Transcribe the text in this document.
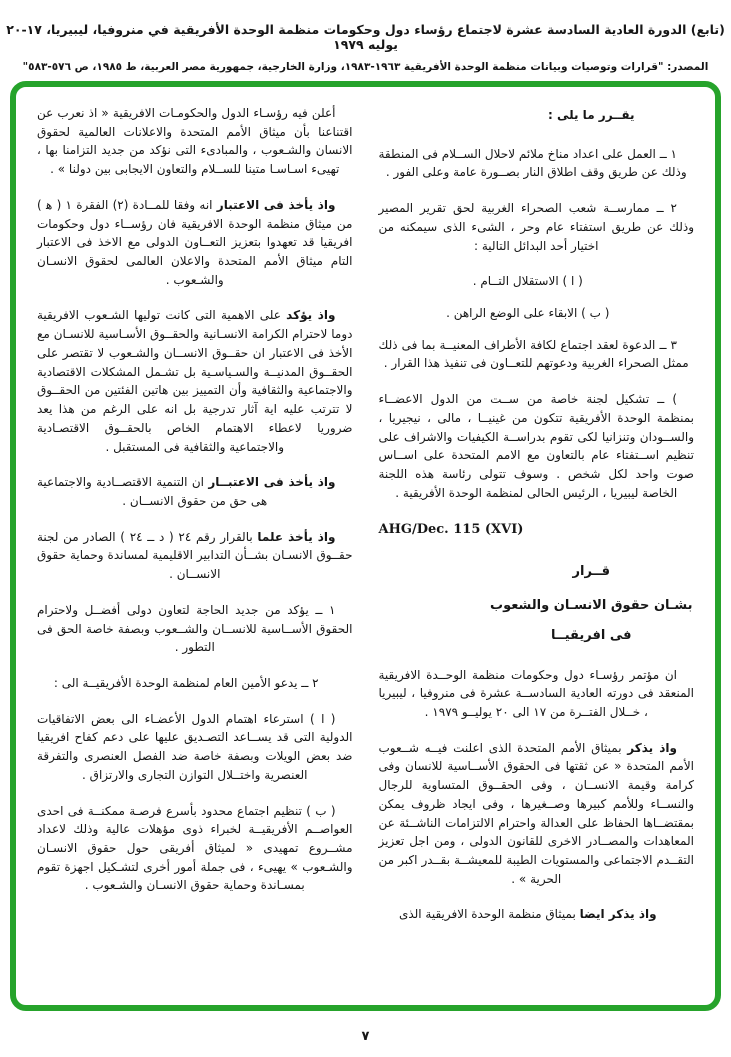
(تابع) الدورة العادية السادسة عشرة لاجتماع رؤساء دول وحكومات منظمة الوحدة الأفريقية في منروفيا، ليبيريا، ١٧-٢٠ يوليه ١٩٧٩
المصدر: "قرارات وتوصيات وبيانات منظمة الوحدة الأفريقية ١٩٦٣-١٩٨٣، وزارة الخارجية، جمهورية مصر العربية، ط ١٩٨٥، ص ٥٧٦-٥٨٣"

يقــرر ما يلى :

١ ــ العمل على اعداد مناخ ملائم لاحلال الســلام فى المنطقة وذلك عن طريق وقف اطلاق النار بصــورة عامة وعلى الفور .

٢ ــ ممارســة شعب الصحراء الغربية لحق تقرير المصير وذلك عن طريق استفتاء عام وحر ، الشىء الذى سيمكنه من اختيار أحد البدائل التالية :

( ا ) الاستقلال التــام .

( ب ) الابقاء على الوضع الراهن .

٣ ــ الدعوة لعقد اجتماع لكافة الأطراف المعنيــة بما فى ذلك ممثل الصحراء الغربية ودعوتهم للتعــاون فى تنفيذ هذا القرار .

) ــ تشكيل لجنة خاصة من ســت من الدول الاعضــاء بمنظمة الوحدة الأفريقية تتكون من غينيــا ، مالى ، نيجيريا ، والســودان وتنزانيا لكى تقوم بدراســة الكيفيات والاشراف على تنظيم اســتفتاء عام بالتعاون مع الامم المتحدة على اســاس صوت واحد لكل شخص . وسوف تتولى رئاسة هذه اللجنة الخاصة ليبيريا ، الرئيس الحالى لمنظمة الوحدة الأفريقية .

AHG/Dec. 115 (XVI)
قــرار
بشـان حقوق الانسـان والشعوب
فى افريقيــا

ان مؤتمر رؤسـاء دول وحكومات منظمة الوحــدة الافريقية المنعقد فى دورته العادية السادســة عشرة فى منروفيا ، ليبيريا ، خــلال الفتــرة من ١٧ الى ٢٠ يوليــو ١٩٧٩ .

واذ يذكر بميثاق الأمم المتحدة الذى اعلنت فيــه شــعوب الأمم المتحدة « عن ثقتها فى الحقوق الأســاسية للانسان وفى كرامة وقيمة الانســان ، وفى الحقــوق المتساوية للرجال والنســاء وللأمم كبيرها وصــغيرها ، وفى ايجاد ظروف يمكن بمقتضــاها الحفاظ على العدالة واحترام الالتزامات الناشــئة عن المعاهدات والمصــادر الاخرى للقانون الدولى ، ومن اجل تعزيز التقــدم الاجتماعى والمستويات الطيبة للمعيشــة بقــدر اكبر من الحرية » .

واذ يذكر ايضا بميثاق منظمة الوحدة الافريقية الذى

أعلن فيه رؤسـاء الدول والحكومـات الافريقية « اذ نعرب عن اقتناعنا بأن ميثاق الأمم المتحدة والاعلانات العالمية لحقوق الانسان والشـعوب ، والمبادىء التى نؤكد من جديد التزامنا بها ، تهيىء اسـاسـا متينا للســلام والتعاون الايجابى بين دولنا » .

واذ يأخذ فى الاعتبار انه وفقا للمــادة (٢) الفقرة ١ ( ﻫ ) من ميثاق منظمة الوحدة الافريقية فان رؤســاء دول وحكومات افريقيا قد تعهدوا بتعزيز التعــاون الدولى مع الاخذ فى الاعتبار التام ميثاق الأمم المتحدة والاعلان العالمى لحقوق الانسـان والشـعوب .

واذ يؤكد على الاهمية التى كانت توليها الشـعوب الافريقية دوما لاحترام الكرامة الانسـانية والحقــوق الأسـاسية للانسـان مع الأخذ فى الاعتبار ان حقــوق الانســان والشـعوب لا تقتصر على الحقــوق المدنيــة والسـياسـية بل تشـمل المشكلات الاقتصادية والاجتماعية والثقافية وأن التمييز بين هاتين الفئتين من الحقــوق لا تترتب عليه اية آثار تدرجية بل انه على الرغم من هذا يعد ضروريا لاعطاء الاهتمام الخاص بالحقــوق الاقتصـادية والاجتماعية والثقافية فى المستقبل .

واذ يأخذ فى الاعتبــار ان التنمية الاقتصــادية والاجتماعية هى حق من حقوق الانســان .

واذ يأخذ علما بالقرار رقم ٢٤ ( د ــ ٢٤ ) الصادر من لجنة حقــوق الانسـان بشــأن التدابير الاقليمية لمساندة وحماية حقوق الانســان .

١ ــ يؤكد من جديد الحاجة لتعاون دولى أفضــل ولاحترام الحقوق الأســاسية للانســان والشــعوب وبصفة خاصة الحق فى التطور .

٢ ــ يدعو الأمين العام لمنظمة الوحدة الأفريقيــة الى :

( ا ) استرعاء اهتمام الدول الأعضـاء الى بعض الاتفاقيات الدولية التى قد يســاعد التصـديق عليها على دعم كفاح افريقيا ضد بعض الويلات وبصفة خاصة ضد الفصل العنصرى والتفرقة العنصرية واختــلال التوازن التجارى والارتزاق .

( ب ) تنظيم اجتماع محدود بأسرع فرصـة ممكنــة فى احدى العواصــم الأفريقيــة لخبراء ذوى مؤهلات عالية وذلك لاعداد مشــروع تمهيدى « لميثاق أفريقى حول حقوق الانسـان والشـعوب » يهيىء ، فى جملة أمور أخرى لتشـكيل اجهزة تقوم بمسـاندة وحماية حقوق الانسـان والشـعوب .

٧
